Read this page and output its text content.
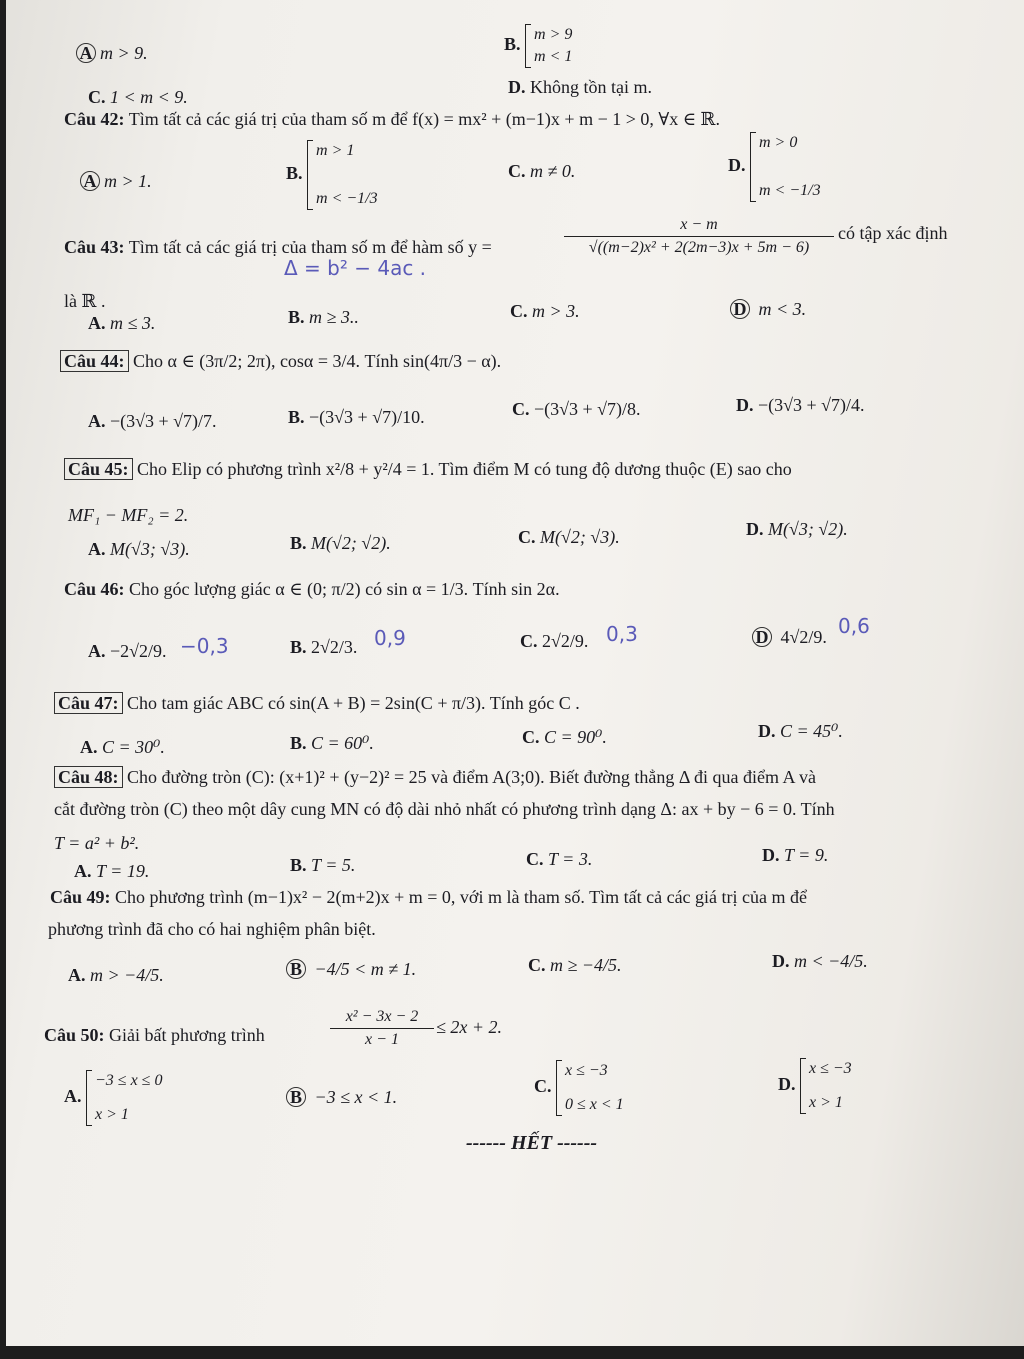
A m > 9.	B. m > 9
m < 1
C. 1 < m < 9.	D. Không tồn tại m.
Câu 42: Tìm tất cả các giá trị của tham số m để f(x) = mx² + (m−1)x + m − 1 > 0, ∀x ∈ ℝ.
A m > 1.	B.
m > 1
m < −1/3
C. m ≠ 0.	D.
m > 0
m < −1/3
Câu 43: Tìm tất cả các giá trị của tham số m để hàm số y =
x − m
√((m−2)x² + 2(2m−3)x + 5m − 6)
có tập xác định
Δ = b² − 4ac .
là ℝ .
A. m ≤ 3.	B. m ≥ 3..	C. m > 3.	D m < 3.
Câu 44: Cho α ∈ (3π/2; 2π), cosα = 3/4. Tính sin(4π/3 − α).
A. −(3√3 + √7)/7.	B. −(3√3 + √7)/10.	C. −(3√3 + √7)/8.	D. −(3√3 + √7)/4.
Câu 45: Cho Elip có phương trình x²/8 + y²/4 = 1. Tìm điểm M có tung độ dương thuộc (E) sao cho
MF₁ − MF₂ = 2.
A. M(√3; √3).	B. M(√2; √2).	C. M(√2; √3).	D. M(√3; √2).
Câu 46: Cho góc lượng giác α ∈ (0; π/2) có sin α = 1/3. Tính sin 2α.
A. −2√2/9. −0,3	B. 2√2/3. 0,9	C. 2√2/9. 0,3	D 4√2/9. 0,6
Câu 47: Cho tam giác ABC có sin(A + B) = 2sin(C + π/3). Tính góc C .
A. C = 30⁰.	B. C = 60⁰.	C. C = 90⁰.	D. C = 45⁰.
Câu 48: Cho đường tròn (C): (x+1)² + (y−2)² = 25 và điểm A(3;0). Biết đường thẳng Δ đi qua điểm A và
cắt đường tròn (C) theo một dây cung MN có độ dài nhỏ nhất có phương trình dạng Δ: ax + by − 6 = 0. Tính
T = a² + b².
A. T = 19.	B. T = 5.	C. T = 3.	D. T = 9.
Câu 49: Cho phương trình (m−1)x² − 2(m+2)x + m = 0, với m là tham số. Tìm tất cả các giá trị của m để
phương trình đã cho có hai nghiệm phân biệt.
A. m > −4/5.	B −4/5 < m ≠ 1.	C. m ≥ −4/5.	D. m < −4/5.
Câu 50: Giải bất phương trình
x² − 3x − 2
x − 1
≤ 2x + 2.
A.
−3 ≤ x ≤ 0
x > 1
B −3 ≤ x < 1.
C.
x ≤ −3
0 ≤ x < 1
D.
x ≤ −3
x > 1
------ HẾT ------
